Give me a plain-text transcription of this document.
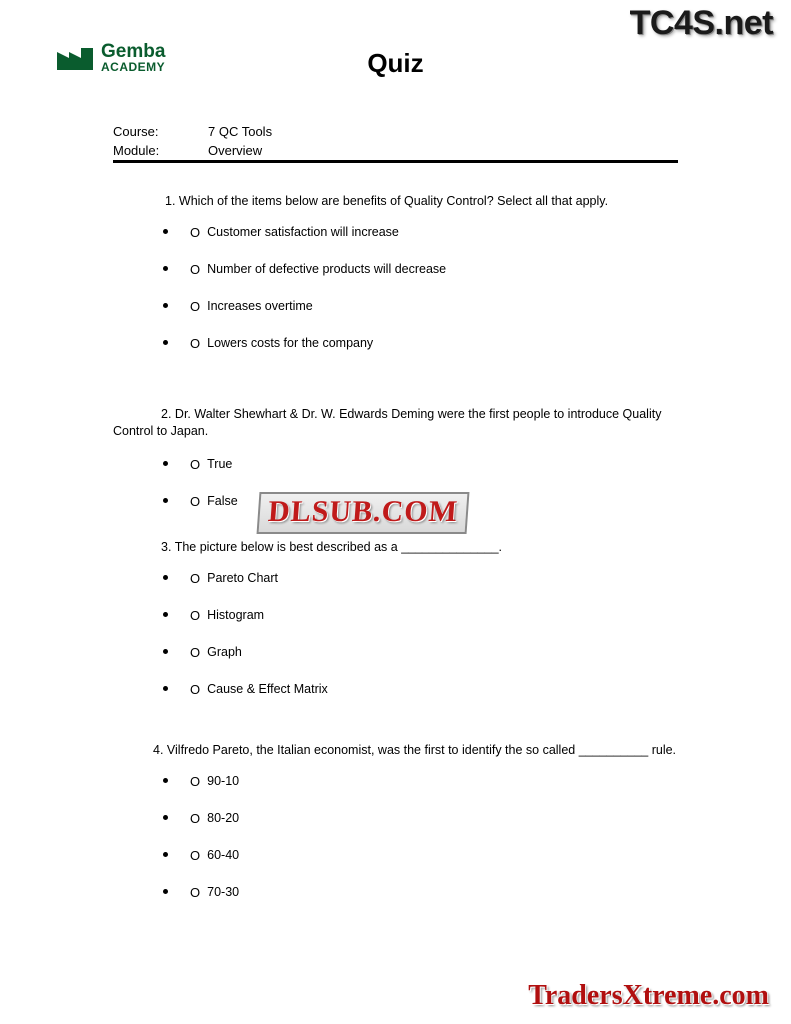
TC4S.net
DLSUB.COM
TradersXtreme.com
Gemba
ACADEMY	Quiz
Course:	7 QC Tools
Module:	Overview
1. Which of the items below are benefits of Quality Control? Select all that apply.
O Customer satisfaction will increase
O Number of defective products will decrease
O Increases overtime
O Lowers costs for the company
2. Dr. Walter Shewhart & Dr. W. Edwards Deming were the first people to introduce Quality Control to Japan.
O True
O False
3. The picture below is best described as a ______________.
O Pareto Chart
O Histogram
O Graph
O Cause & Effect Matrix
4. Vilfredo Pareto, the Italian economist, was the first to identify the so called __________ rule.
O 90-10
O 80-20
O 60-40
O 70-30
